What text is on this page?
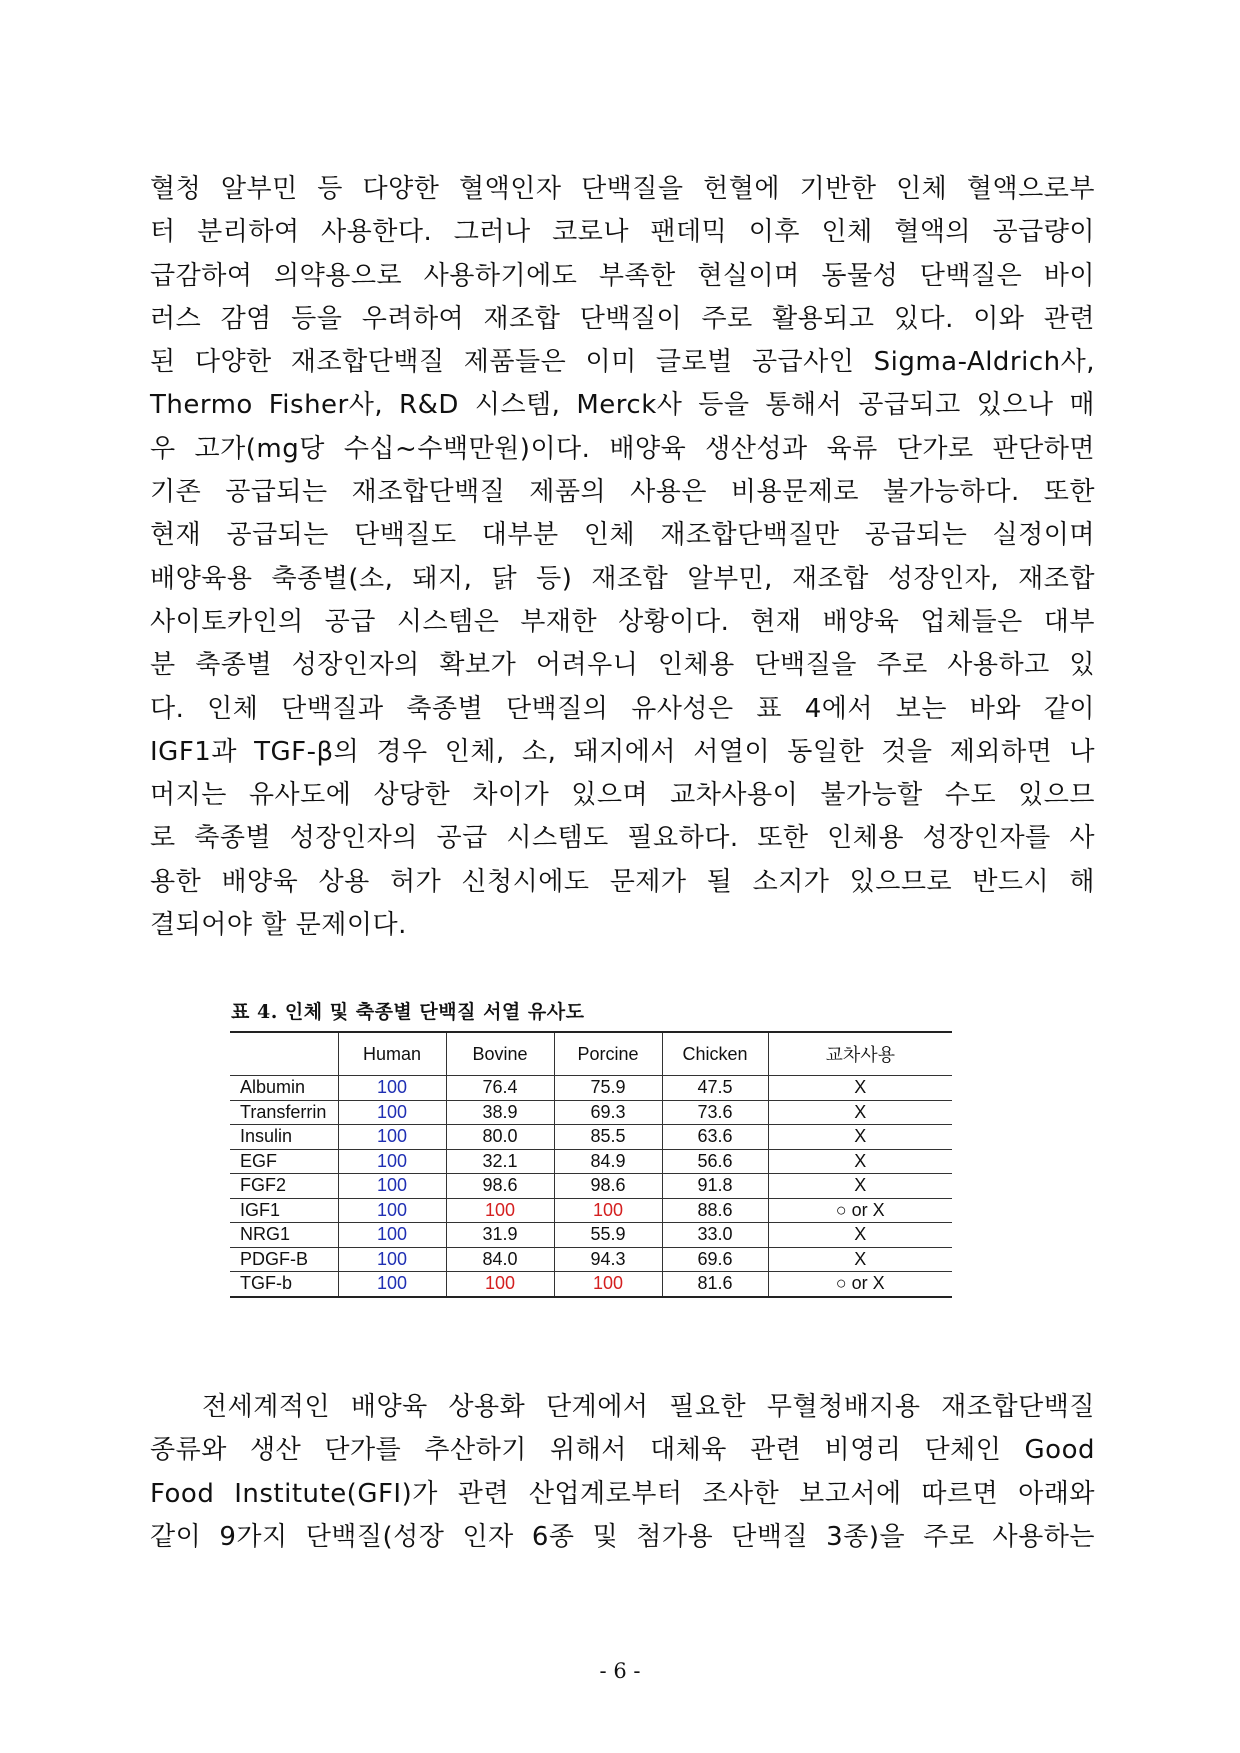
혈청 알부민 등 다양한 혈액인자 단백질을 헌혈에 기반한 인체 혈액으로부
터 분리하여 사용한다. 그러나 코로나 팬데믹 이후 인체 혈액의 공급량이
급감하여 의약용으로 사용하기에도 부족한 현실이며 동물성 단백질은 바이
러스 감염 등을 우려하여 재조합 단백질이 주로 활용되고 있다. 이와 관련
된 다양한 재조합단백질 제품들은 이미 글로벌 공급사인 Sigma-Aldrich사,
Thermo Fisher사, R&D 시스템, Merck사 등을 통해서 공급되고 있으나 매
우 고가(mg당 수십~수백만원)이다. 배양육 생산성과 육류 단가로 판단하면
기존 공급되는 재조합단백질 제품의 사용은 비용문제로 불가능하다. 또한
현재 공급되는 단백질도 대부분 인체 재조합단백질만 공급되는 실정이며
배양육용 축종별(소, 돼지, 닭 등) 재조합 알부민, 재조합 성장인자, 재조합
사이토카인의 공급 시스템은 부재한 상황이다. 현재 배양육 업체들은 대부
분 축종별 성장인자의 확보가 어려우니 인체용 단백질을 주로 사용하고 있
다. 인체 단백질과 축종별 단백질의 유사성은 표 4에서 보는 바와 같이
IGF1과 TGF-β의 경우 인체, 소, 돼지에서 서열이 동일한 것을 제외하면 나
머지는 유사도에 상당한 차이가 있으며 교차사용이 불가능할 수도 있으므
로 축종별 성장인자의 공급 시스템도 필요하다. 또한 인체용 성장인자를 사
용한 배양육 상용 허가 신청시에도 문제가 될 소지가 있으므로 반드시 해
결되어야 할 문제이다.
표 4. 인체 및 축종별 단백질 서열 유사도
	Human	Bovine	Porcine	Chicken	교차사용
Albumin	100	76.4	75.9	47.5	X
Transferrin	100	38.9	69.3	73.6	X
Insulin	100	80.0	85.5	63.6	X
EGF	100	32.1	84.9	56.6	X
FGF2	100	98.6	98.6	91.8	X
IGF1	100	100	100	88.6	○ or X
NRG1	100	31.9	55.9	33.0	X
PDGF-B	100	84.0	94.3	69.6	X
TGF-b	100	100	100	81.6	○ or X
전세계적인 배양육 상용화 단계에서 필요한 무혈청배지용 재조합단백질
종류와 생산 단가를 추산하기 위해서 대체육 관련 비영리 단체인 Good
Food Institute(GFI)가 관련 산업계로부터 조사한 보고서에 따르면 아래와
같이 9가지 단백질(성장 인자 6종 및 첨가용 단백질 3종)을 주로 사용하는
- 6 -
